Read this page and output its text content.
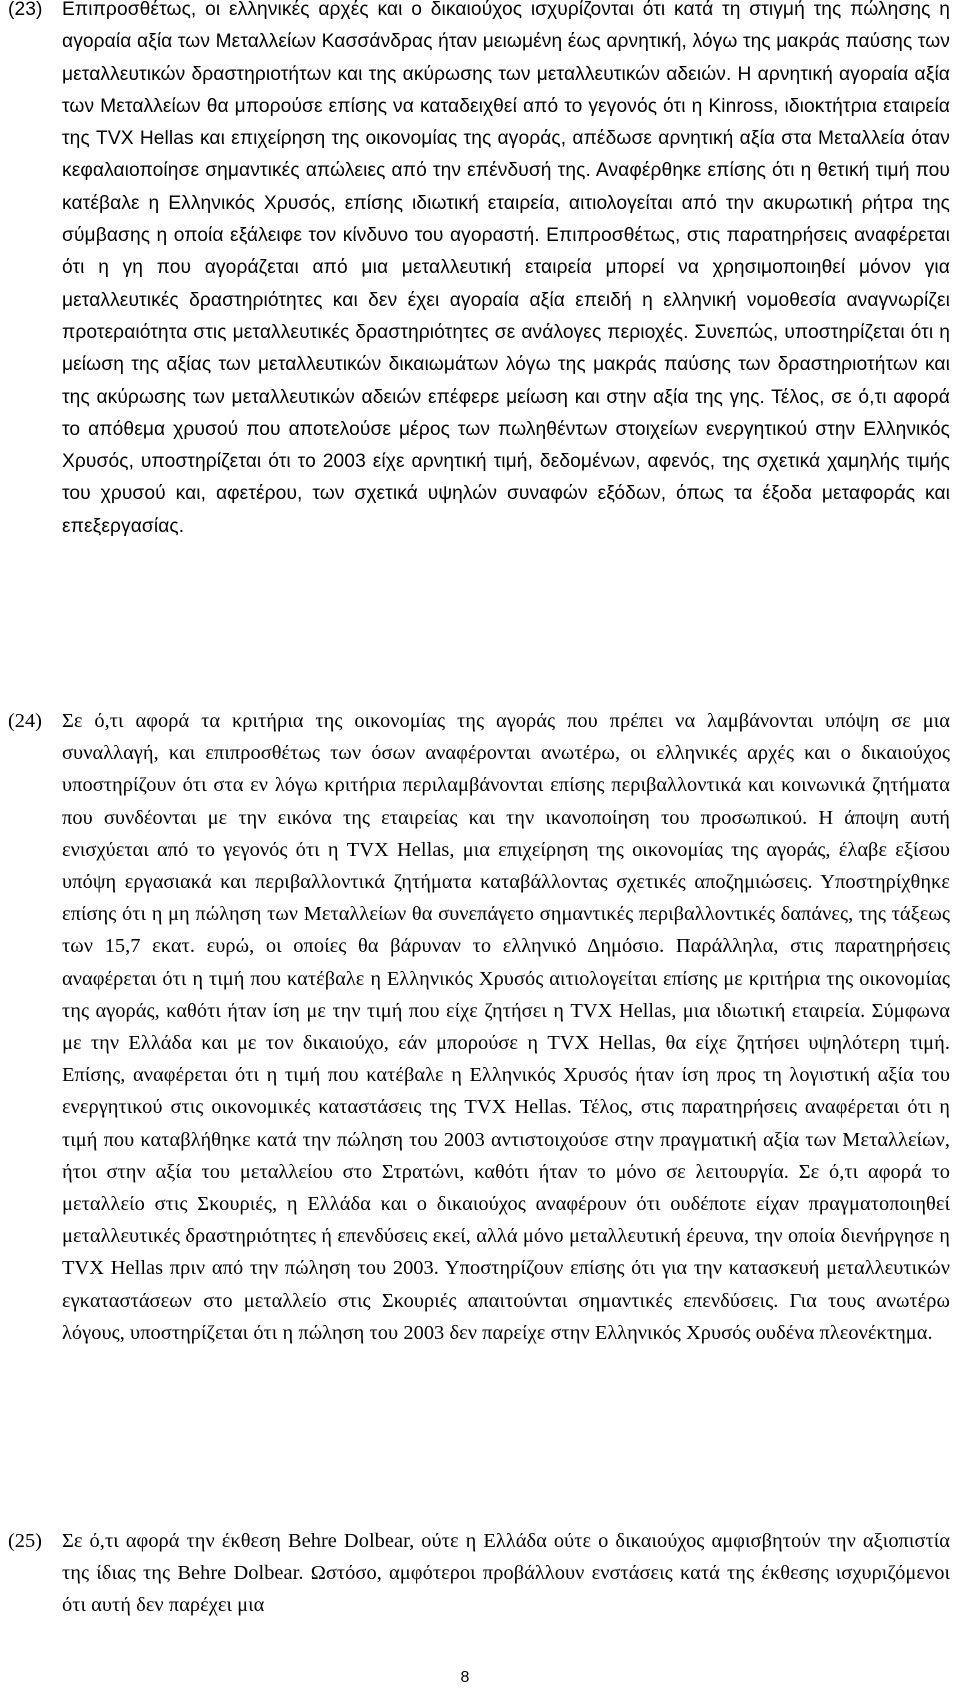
(23)	Επιπροσθέτως, οι ελληνικές αρχές και ο δικαιούχος ισχυρίζονται ότι κατά τη στιγμή της πώλησης η αγοραία αξία των Μεταλλείων Κασσάνδρας ήταν μειωμένη έως αρνητική, λόγω της μακράς παύσης των μεταλλευτικών δραστηριοτήτων και της ακύρωσης των μεταλλευτικών αδειών. Η αρνητική αγοραία αξία των Μεταλλείων θα μπορούσε επίσης να καταδειχθεί από το γεγονός ότι η Kinross, ιδιοκτήτρια εταιρεία της TVX Hellas και επιχείρηση της οικονομίας της αγοράς, απέδωσε αρνητική αξία στα Μεταλλεία όταν κεφαλαιοποίησε σημαντικές απώλειες από την επένδυσή της. Αναφέρθηκε επίσης ότι η θετική τιμή που κατέβαλε η Ελληνικός Χρυσός, επίσης ιδιωτική εταιρεία, αιτιολογείται από την ακυρωτική ρήτρα της σύμβασης η οποία εξάλειφε τον κίνδυνο του αγοραστή. Επιπροσθέτως, στις παρατηρήσεις αναφέρεται ότι η γη που αγοράζεται από μια μεταλλευτική εταιρεία μπορεί να χρησιμοποιηθεί μόνον για μεταλλευτικές δραστηριότητες και δεν έχει αγοραία αξία επειδή η ελληνική νομοθεσία αναγνωρίζει προτεραιότητα στις μεταλλευτικές δραστηριότητες σε ανάλογες περιοχές. Συνεπώς, υποστηρίζεται ότι η μείωση της αξίας των μεταλλευτικών δικαιωμάτων λόγω της μακράς παύσης των δραστηριοτήτων και της ακύρωσης των μεταλλευτικών αδειών επέφερε μείωση και στην αξία της γης. Τέλος, σε ό,τι αφορά το απόθεμα χρυσού που αποτελούσε μέρος των πωληθέντων στοιχείων ενεργητικού στην Ελληνικός Χρυσός, υποστηρίζεται ότι το 2003 είχε αρνητική τιμή, δεδομένων, αφενός, της σχετικά χαμηλής τιμής του χρυσού και, αφετέρου, των σχετικά υψηλών συναφών εξόδων, όπως τα έξοδα μεταφοράς και επεξεργασίας.
(24) Σε ό,τι αφορά τα κριτήρια της οικονομίας της αγοράς που πρέπει να λαμβάνονται υπόψη σε μια συναλλαγή, και επιπροσθέτως των όσων αναφέρονται ανωτέρω, οι ελληνικές αρχές και ο δικαιούχος υποστηρίζουν ότι στα εν λόγω κριτήρια περιλαμβάνονται επίσης περιβαλλοντικά και κοινωνικά ζητήματα που συνδέονται με την εικόνα της εταιρείας και την ικανοποίηση του προσωπικού. Η άποψη αυτή ενισχύεται από το γεγονός ότι η TVX Hellas, μια επιχείρηση της οικονομίας της αγοράς, έλαβε εξίσου υπόψη εργασιακά και περιβαλλοντικά ζητήματα καταβάλλοντας σχετικές αποζημιώσεις. Υποστηρίχθηκε επίσης ότι η μη πώληση των Μεταλλείων θα συνεπάγετο σημαντικές περιβαλλοντικές δαπάνες, της τάξεως των 15,7 εκατ. ευρώ, οι οποίες θα βάρυναν το ελληνικό Δημόσιο. Παράλληλα, στις παρατηρήσεις αναφέρεται ότι η τιμή που κατέβαλε η Ελληνικός Χρυσός αιτιολογείται επίσης με κριτήρια της οικονομίας της αγοράς, καθότι ήταν ίση με την τιμή που είχε ζητήσει η TVX Hellas, μια ιδιωτική εταιρεία. Σύμφωνα με την Ελλάδα και με τον δικαιούχο, εάν μπορούσε η TVX Hellas, θα είχε ζητήσει υψηλότερη τιμή. Επίσης, αναφέρεται ότι η τιμή που κατέβαλε η Ελληνικός Χρυσός ήταν ίση προς τη λογιστική αξία του ενεργητικού στις οικονομικές καταστάσεις της TVX Hellas. Τέλος, στις παρατηρήσεις αναφέρεται ότι η τιμή που καταβλήθηκε κατά την πώληση του 2003 αντιστοιχούσε στην πραγματική αξία των Μεταλλείων, ήτοι στην αξία του μεταλλείου στο Στρατώνι, καθότι ήταν το μόνο σε λειτουργία. Σε ό,τι αφορά το μεταλλείο στις Σκουριές, η Ελλάδα και ο δικαιούχος αναφέρουν ότι ουδέποτε είχαν πραγματοποιηθεί μεταλλευτικές δραστηριότητες ή επενδύσεις εκεί, αλλά μόνο μεταλλευτική έρευνα, την οποία διενήργησε η TVX Hellas πριν από την πώληση του 2003. Υποστηρίζουν επίσης ότι για την κατασκευή μεταλλευτικών εγκαταστάσεων στο μεταλλείο στις Σκουριές απαιτούνται σημαντικές επενδύσεις. Για τους ανωτέρω λόγους, υποστηρίζεται ότι η πώληση του 2003 δεν παρείχε στην Ελληνικός Χρυσός ουδένα πλεονέκτημα.
(25) Σε ό,τι αφορά την έκθεση Behre Dolbear, ούτε η Ελλάδα ούτε ο δικαιούχος αμφισβητούν την αξιοπιστία της ίδιας της Behre Dolbear. Ωστόσο, αμφότεροι προβάλλουν ενστάσεις κατά της έκθεσης ισχυριζόμενοι ότι αυτή δεν παρέχει μια
8
